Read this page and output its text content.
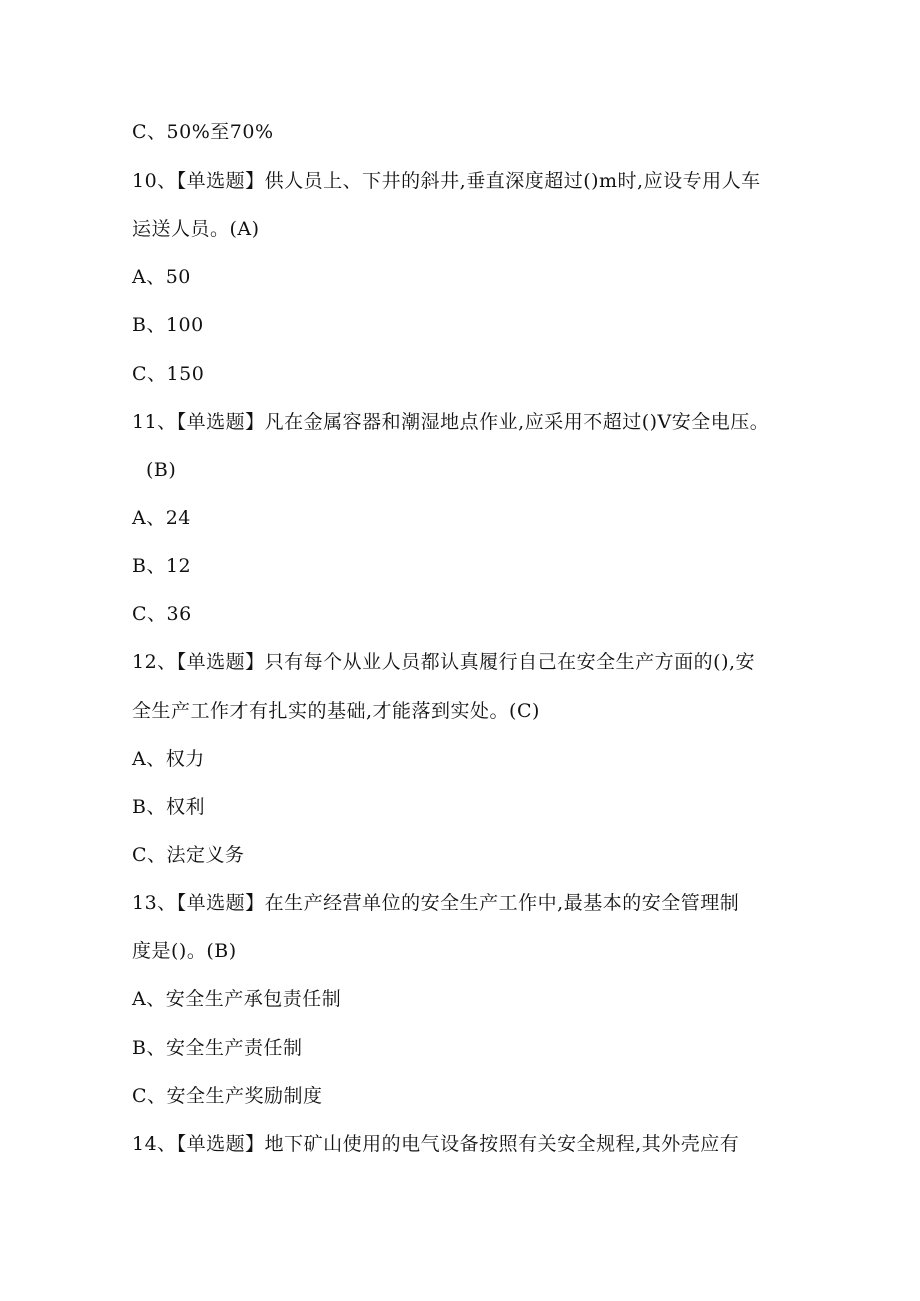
C、50%至70%
10、【单选题】供人员上、下井的斜井,垂直深度超过()m时,应设专用人车
运送人员。(A)
A、50
B、100
C、150
11、【单选题】凡在金属容器和潮湿地点作业,应采用不超过()V安全电压。
(B)
A、24
B、12
C、36
12、【单选题】只有每个从业人员都认真履行自己在安全生产方面的(),安
全生产工作才有扎实的基础,才能落到实处。(C)
A、权力
B、权利
C、法定义务
13、【单选题】在生产经营单位的安全生产工作中,最基本的安全管理制
度是()。(B)
A、安全生产承包责任制
B、安全生产责任制
C、安全生产奖励制度
14、【单选题】地下矿山使用的电气设备按照有关安全规程,其外壳应有
